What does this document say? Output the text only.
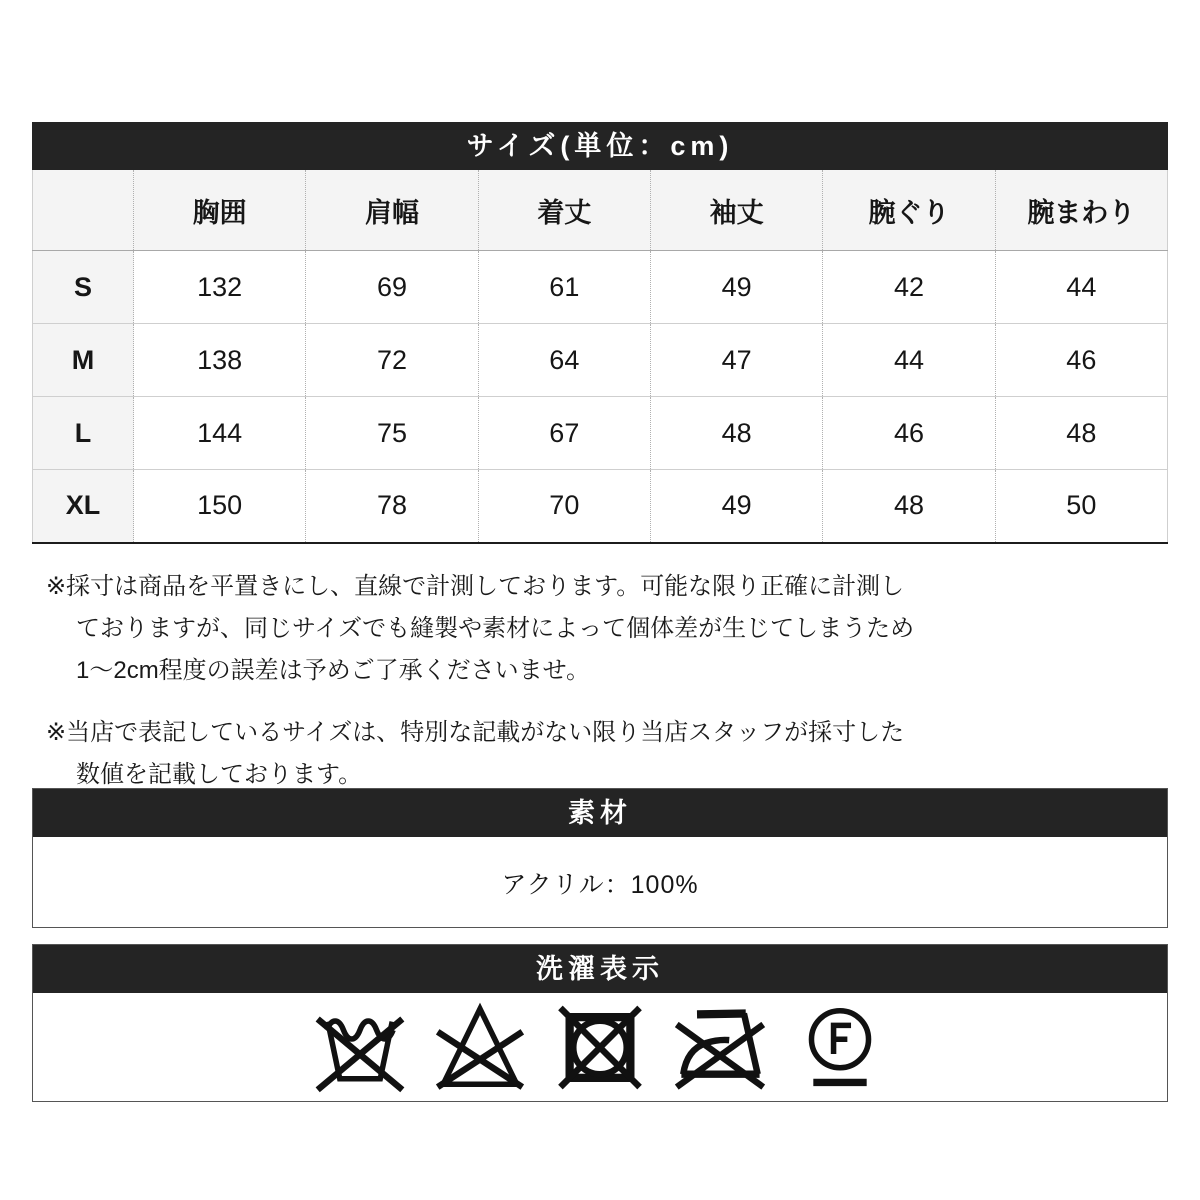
サイズ(単位：cm)
	胸囲	肩幅	着丈	袖丈	腕ぐり	腕まわり
S	132	69	61	49	42	44
M	138	72	64	47	44	46
L	144	75	67	48	46	48
XL	150	78	70	49	48	50

※採寸は商品を平置きにし、直線で計測しております。可能な限り正確に計測し
ておりますが、同じサイズでも縫製や素材によって個体差が生じてしまうため
1〜2cm程度の誤差は予めご了承くださいませ。

※当店で表記しているサイズは、特別な記載がない限り当店スタッフが採寸した
数値を記載しております。

素材
アクリル：100%
洗濯表示
